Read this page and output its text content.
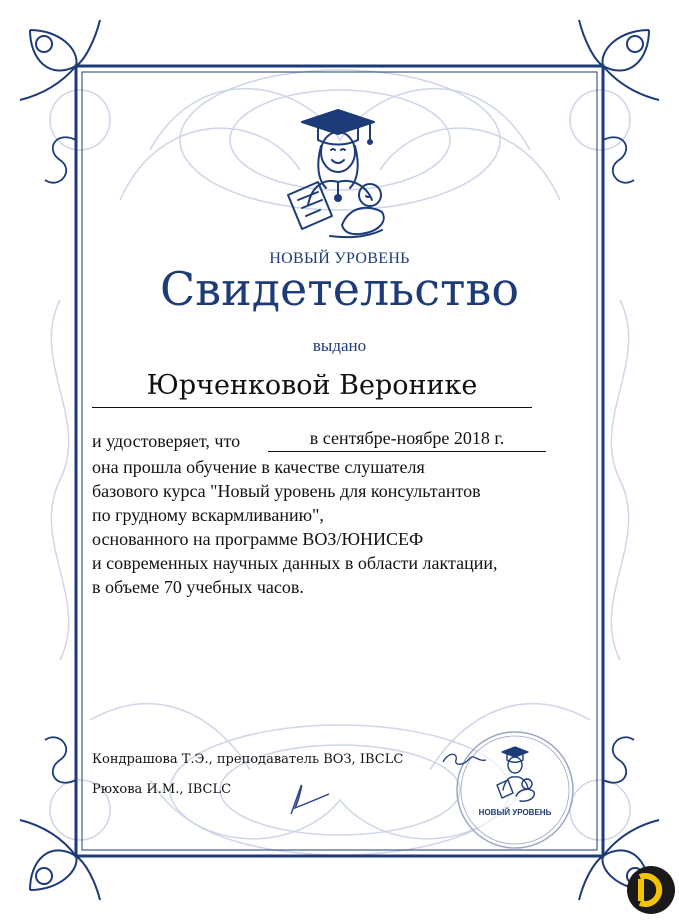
НОВЫЙ УРОВЕНЬ
Свидетельство
выдано
Юрченковой Веронике
и удостоверяет, что	в сентябре-ноябре 2018 г.
она прошла обучение в качестве слушателя
базового курса "Новый уровень для консультантов
по грудному вскармливанию",
основанного на программе ВОЗ/ЮНИСЕФ
и современных научных данных в области лактации,
в объеме 70 учебных часов.
Кондрашова Т.Э., преподаватель ВОЗ, IBCLC
Рюхова И.М., IBCLC
НОВЫЙ УРОВЕНЬ
